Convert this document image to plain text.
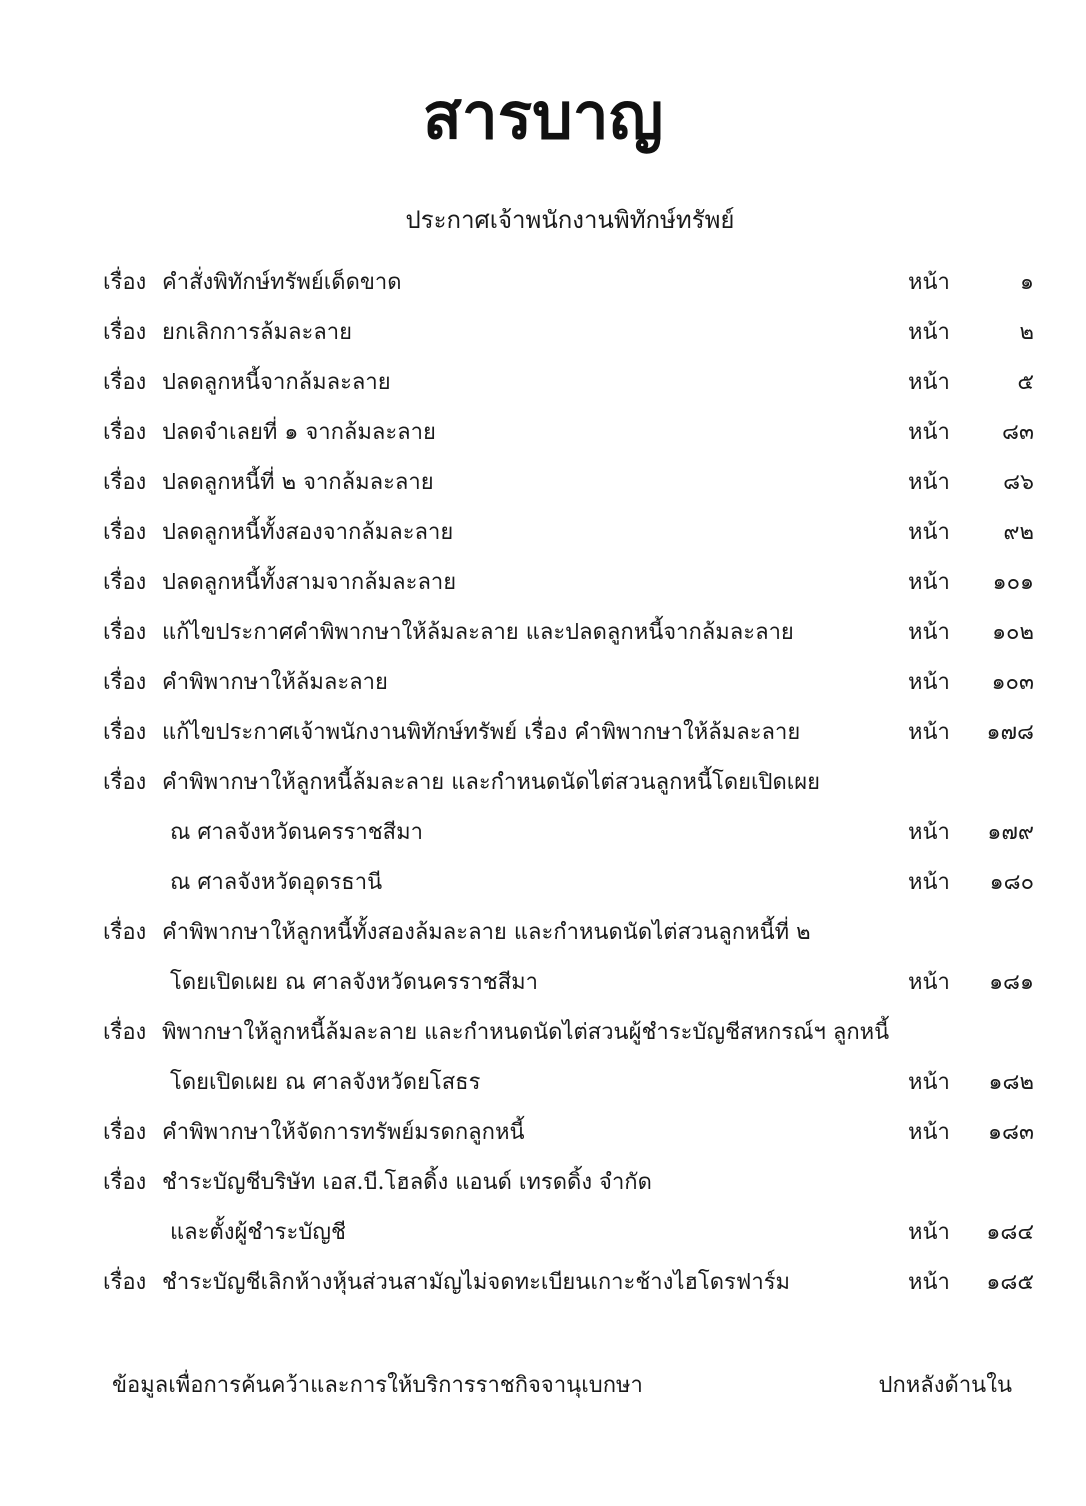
สารบาญ
ประกาศเจ้าพนักงานพิทักษ์ทรัพย์
เรื่อง คำสั่งพิทักษ์ทรัพย์เด็ดขาด	หน้า	๑
เรื่อง ยกเลิกการล้มละลาย	หน้า	๒
เรื่อง ปลดลูกหนี้จากล้มละลาย	หน้า	๕
เรื่อง ปลดจำเลยที่ ๑ จากล้มละลาย	หน้า ๘๓
เรื่อง ปลดลูกหนี้ที่ ๒ จากล้มละลาย	หน้า ๘๖
เรื่อง ปลดลูกหนี้ทั้งสองจากล้มละลาย	หน้า ๙๒
เรื่อง ปลดลูกหนี้ทั้งสามจากล้มละลาย	หน้า ๑๐๑
เรื่อง แก้ไขประกาศคำพิพากษาให้ล้มละลาย และปลดลูกหนี้จากล้มละลาย	หน้า ๑๐๒
เรื่อง คำพิพากษาให้ล้มละลาย	หน้า ๑๐๓
เรื่อง แก้ไขประกาศเจ้าพนักงานพิทักษ์ทรัพย์ เรื่อง คำพิพากษาให้ล้มละลาย	หน้า ๑๗๘
เรื่อง คำพิพากษาให้ลูกหนี้ล้มละลาย และกำหนดนัดไต่สวนลูกหนี้โดยเปิดเผย
ณ ศาลจังหวัดนครราชสีมา	หน้า ๑๗๙
ณ ศาลจังหวัดอุดรธานี	หน้า ๑๘๐
เรื่อง คำพิพากษาให้ลูกหนี้ทั้งสองล้มละลาย และกำหนดนัดไต่สวนลูกหนี้ที่ ๒
โดยเปิดเผย ณ ศาลจังหวัดนครราชสีมา	หน้า ๑๘๑
เรื่อง พิพากษาให้ลูกหนี้ล้มละลาย และกำหนดนัดไต่สวนผู้ชำระบัญชีสหกรณ์ฯ ลูกหนี้
โดยเปิดเผย ณ ศาลจังหวัดยโสธร	หน้า ๑๘๒
เรื่อง คำพิพากษาให้จัดการทรัพย์มรดกลูกหนี้	หน้า ๑๘๓
เรื่อง ชำระบัญชีบริษัท เอส.บี.โฮลดิ้ง แอนด์ เทรดดิ้ง จำกัด
และตั้งผู้ชำระบัญชี	หน้า ๑๘๔
เรื่อง ชำระบัญชีเลิกห้างหุ้นส่วนสามัญไม่จดทะเบียนเกาะช้างไฮโดรฟาร์ม	หน้า ๑๘๕
ข้อมูลเพื่อการค้นคว้าและการให้บริการราชกิจจานุเบกษา	ปกหลังด้านใน
